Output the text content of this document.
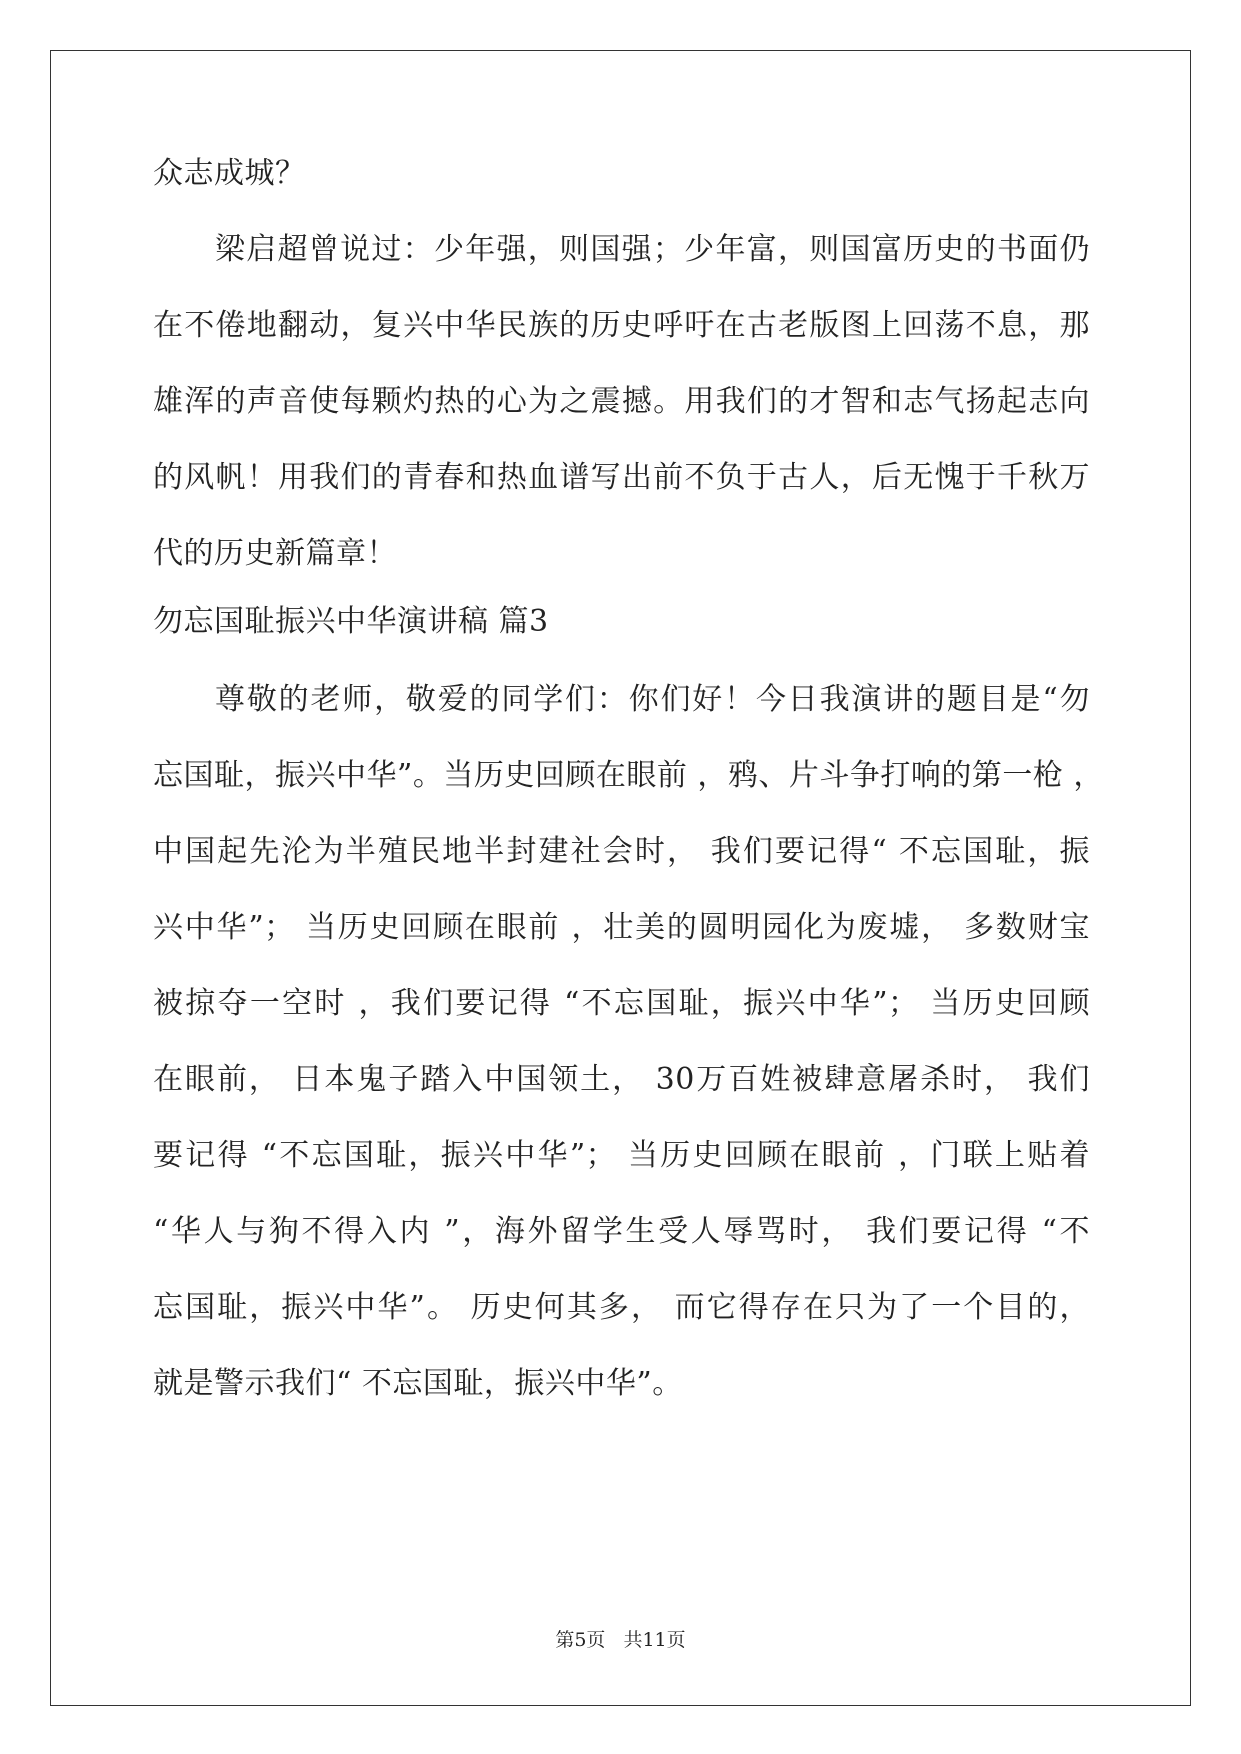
众志成城？
梁启超曾说过：少年强，则国强；少年富，则国富历史的书面仍
在不倦地翻动，复兴中华民族的历史呼吁在古老版图上回荡不息，那
雄浑的声音使每颗灼热的心为之震撼。用我们的才智和志气扬起志向
的风帆！用我们的青春和热血谱写出前不负于古人，后无愧于千秋万
代的历史新篇章！
勿忘国耻振兴中华演讲稿 篇3
尊敬的老师，敬爱的同学们：你们好！今日我演讲的题目是“勿
忘国耻，振兴中华”。当历史回顾在眼前 ，鸦、片斗争打响的第一枪 ，
中国起先沦为半殖民地半封建社会时， 我们要记得“ 不忘国耻，振
兴中华”； 当历史回顾在眼前 ，壮美的圆明园化为废墟， 多数财宝
被掠夺一空时 ，我们要记得 “不忘国耻，振兴中华”； 当历史回顾
在眼前， 日本鬼子踏入中国领土， 30万百姓被肆意屠杀时， 我们
要记得 “不忘国耻，振兴中华”； 当历史回顾在眼前 ，门联上贴着
“华人与狗不得入内 ”，海外留学生受人辱骂时， 我们要记得 “不
忘国耻，振兴中华”。 历史何其多， 而它得存在只为了一个目的，
就是警示我们“ 不忘国耻，振兴中华”。
第5页 共11页
